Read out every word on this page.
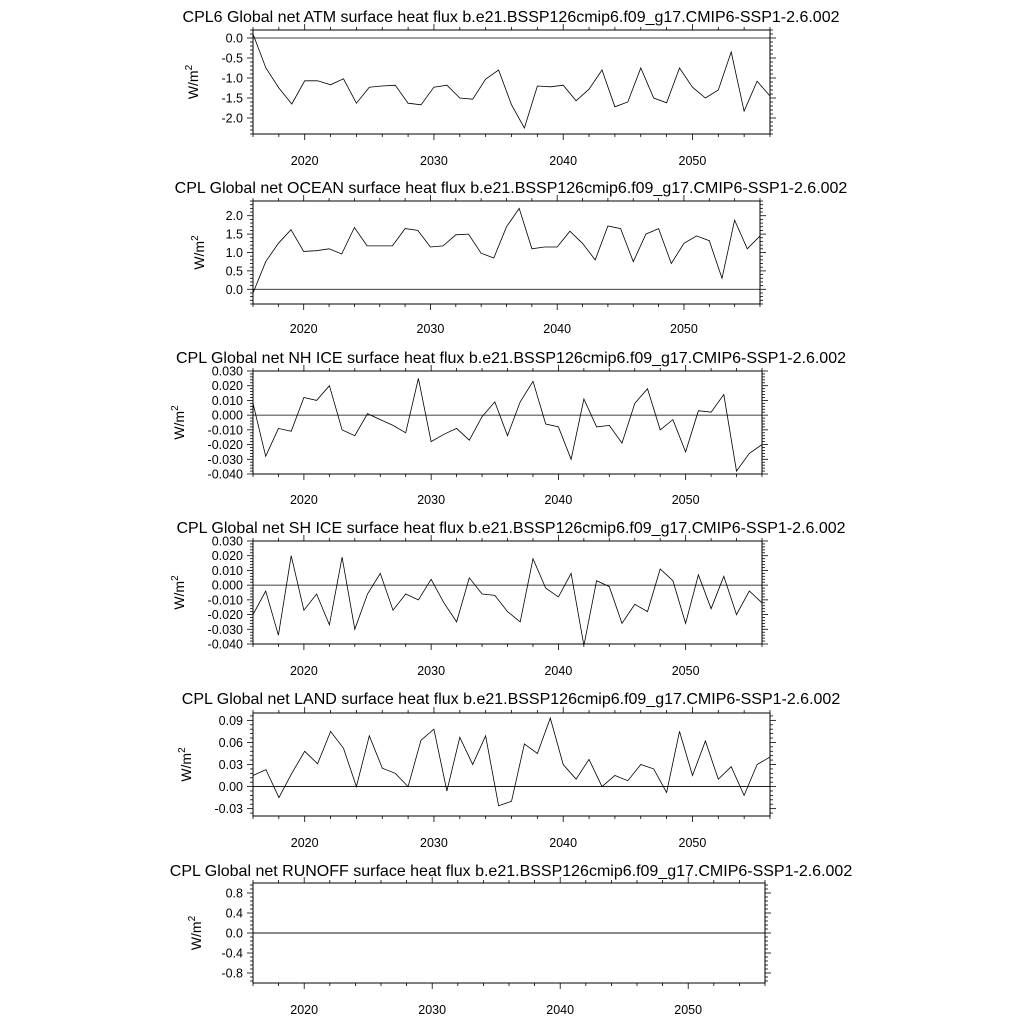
CPL6 Global net ATM surface heat flux b.e21.BSSP126cmip6.f09_g17.CMIP6-SSP1-2.6.002
2020	2030	2040	2050
0.0
-0.5
-1.0
-1.5
-2.0
$W/m^2$
CPL Global net OCEAN surface heat flux b.e21.BSSP126cmip6.f09_g17.CMIP6-SSP1-2.6.002
2020	2030	2040	2050
2.0
1.5
1.0
0.5
0.0
$W/m^2$
CPL Global net NH ICE surface heat flux b.e21.BSSP126cmip6.f09_g17.CMIP6-SSP1-2.6.002
2020	2030	2040	2050
0.030
0.020
0.010
0.000
-0.010
-0.020
-0.030
-0.040
$W/m^2$
CPL Global net SH ICE surface heat flux b.e21.BSSP126cmip6.f09_g17.CMIP6-SSP1-2.6.002
2020	2030	2040	2050
0.030
0.020
0.010
0.000
-0.010
-0.020
-0.030
-0.040
$W/m^2$
CPL Global net LAND surface heat flux b.e21.BSSP126cmip6.f09_g17.CMIP6-SSP1-2.6.002
2020	2030	2040	2050
0.09
0.06
0.03
0.00
-0.03
$W/m^2$
CPL Global net RUNOFF surface heat flux b.e21.BSSP126cmip6.f09_g17.CMIP6-SSP1-2.6.002
2020	2030	2040	2050
0.8
0.4
0.0
-0.4
-0.8
$W/m^2$
